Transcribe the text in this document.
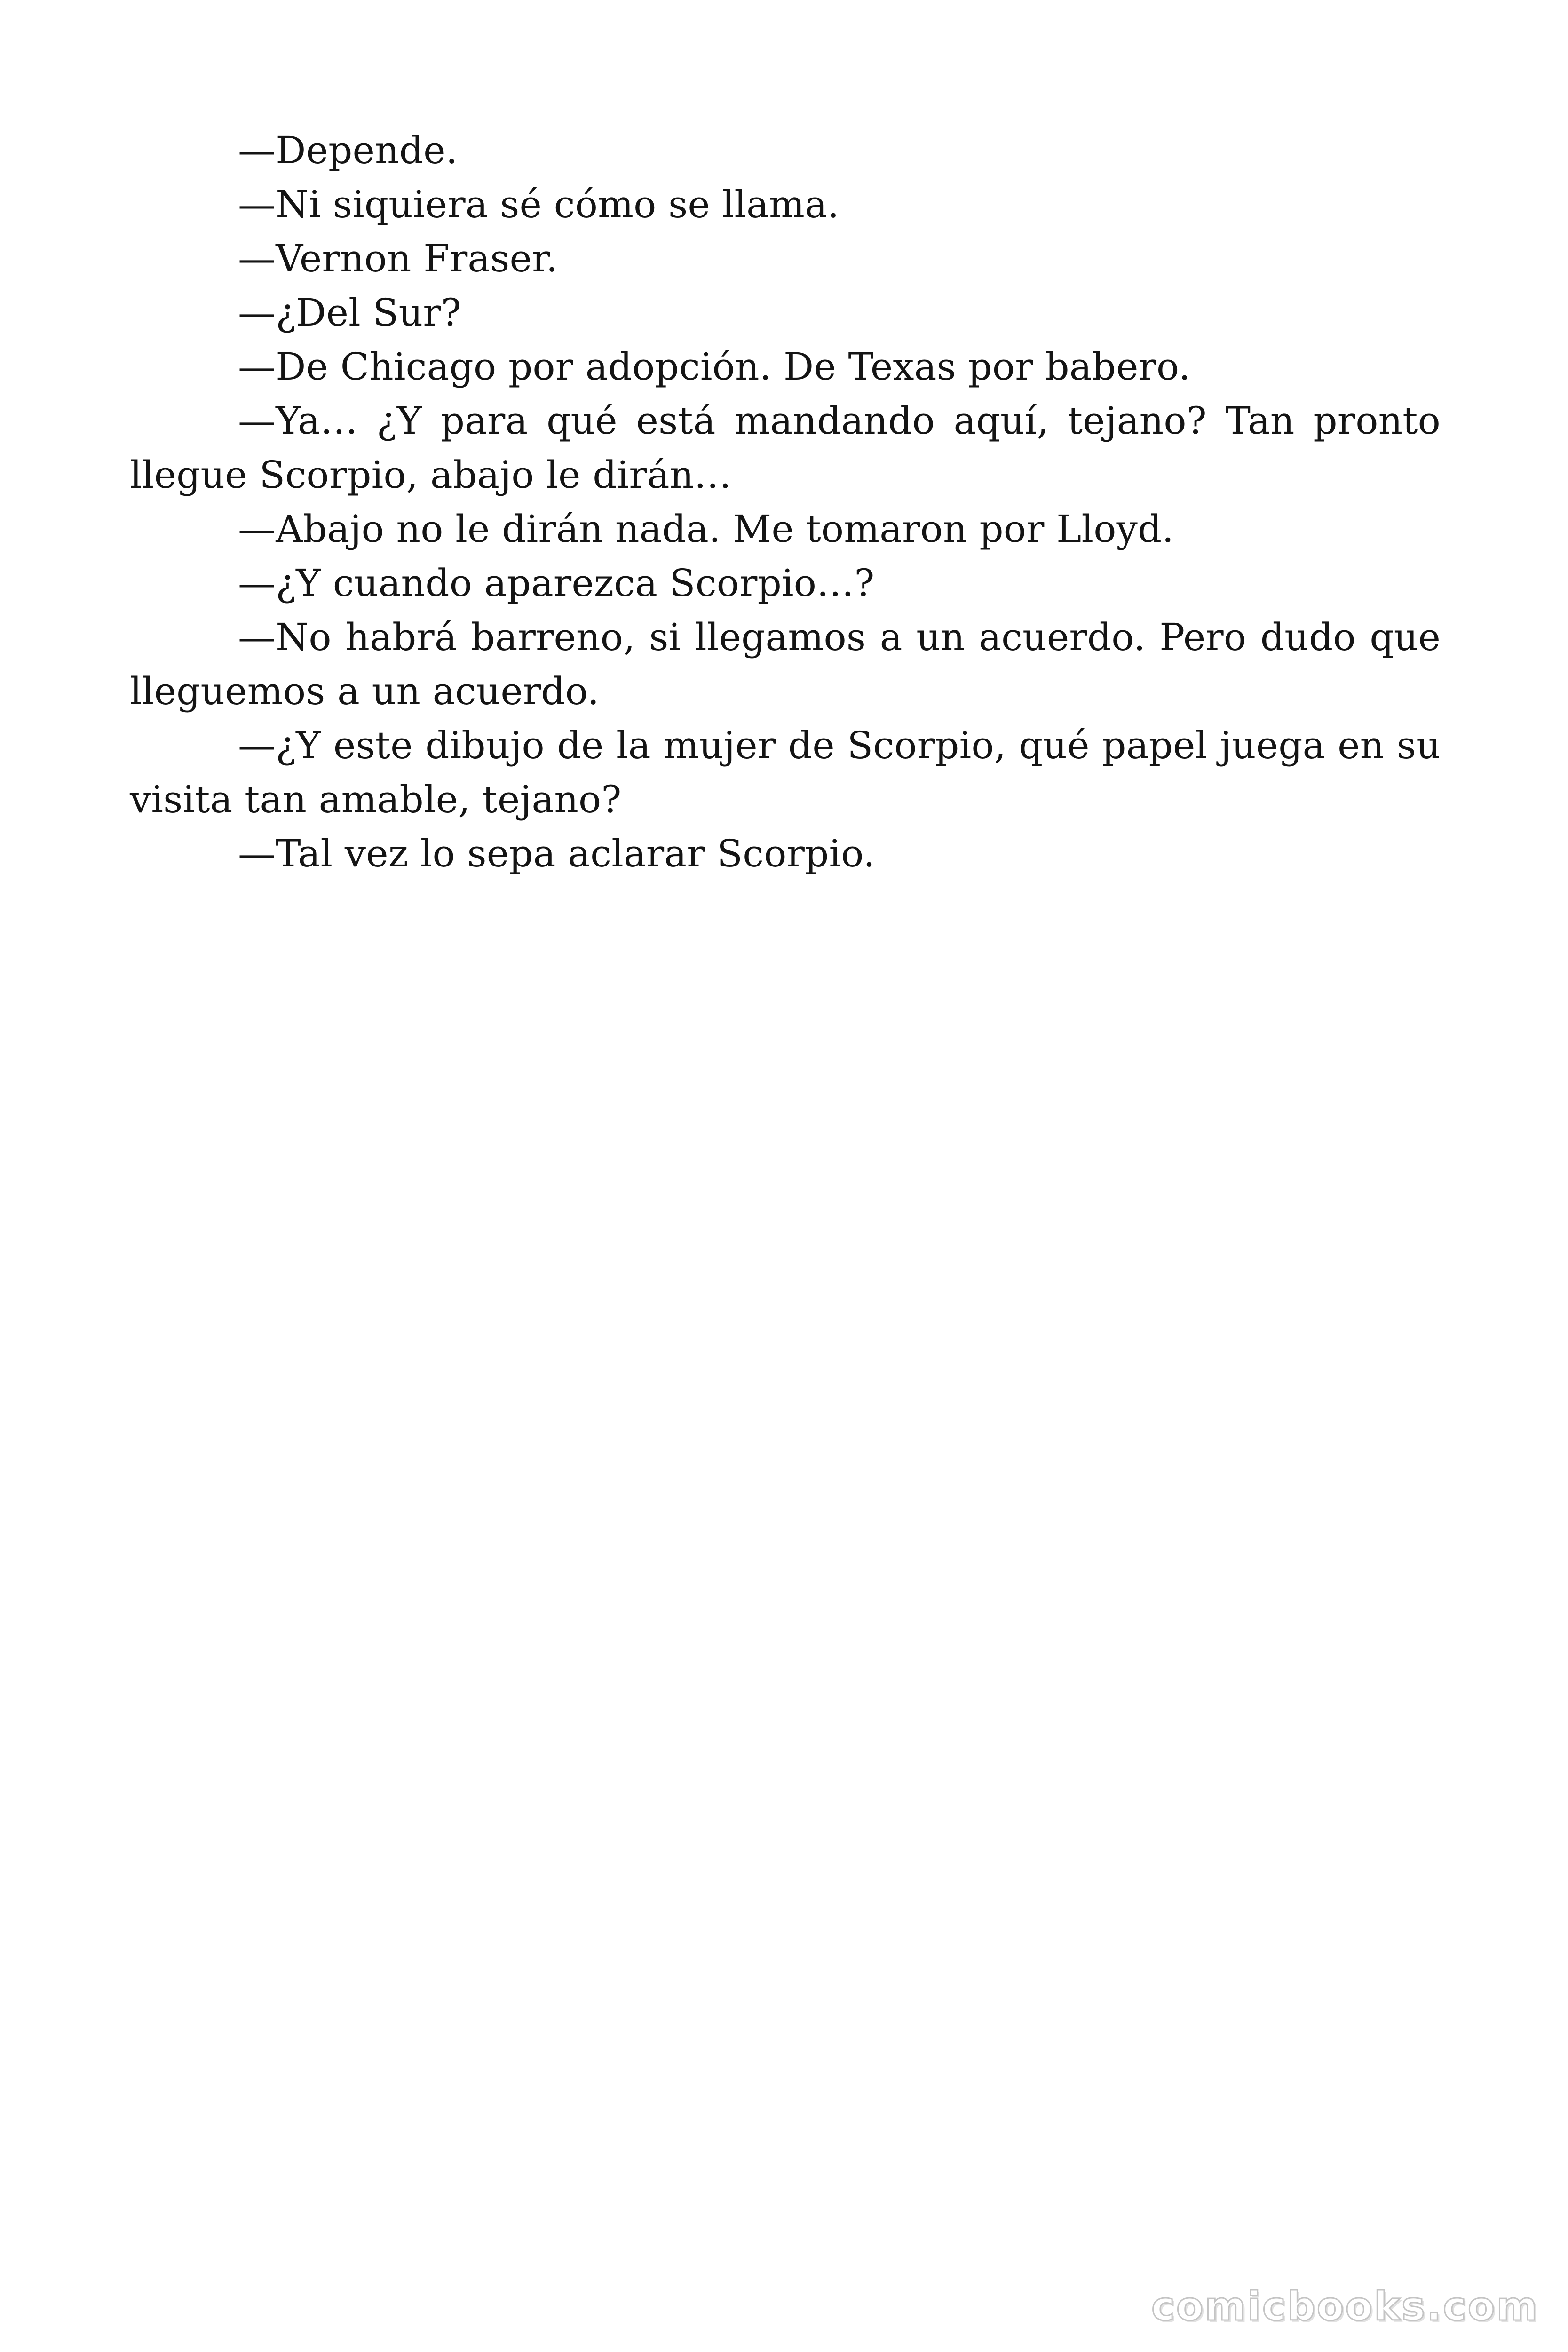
—Depende.

—Ni siquiera sé cómo se llama.

—Vernon Fraser.

—¿Del Sur?

—De Chicago por adopción. De Texas por babero.

—Ya… ¿Y para qué está mandando aquí, tejano? Tan pronto llegue Scorpio, abajo le dirán…

—Abajo no le dirán nada. Me tomaron por Lloyd.

—¿Y cuando aparezca Scorpio…?

—No habrá barreno, si llegamos a un acuerdo. Pero dudo que lleguemos a un acuerdo.

—¿Y este dibujo de la mujer de Scorpio, qué papel juega en su visita tan amable, tejano?

—Tal vez lo sepa aclarar Scorpio.

comicbooks.com
